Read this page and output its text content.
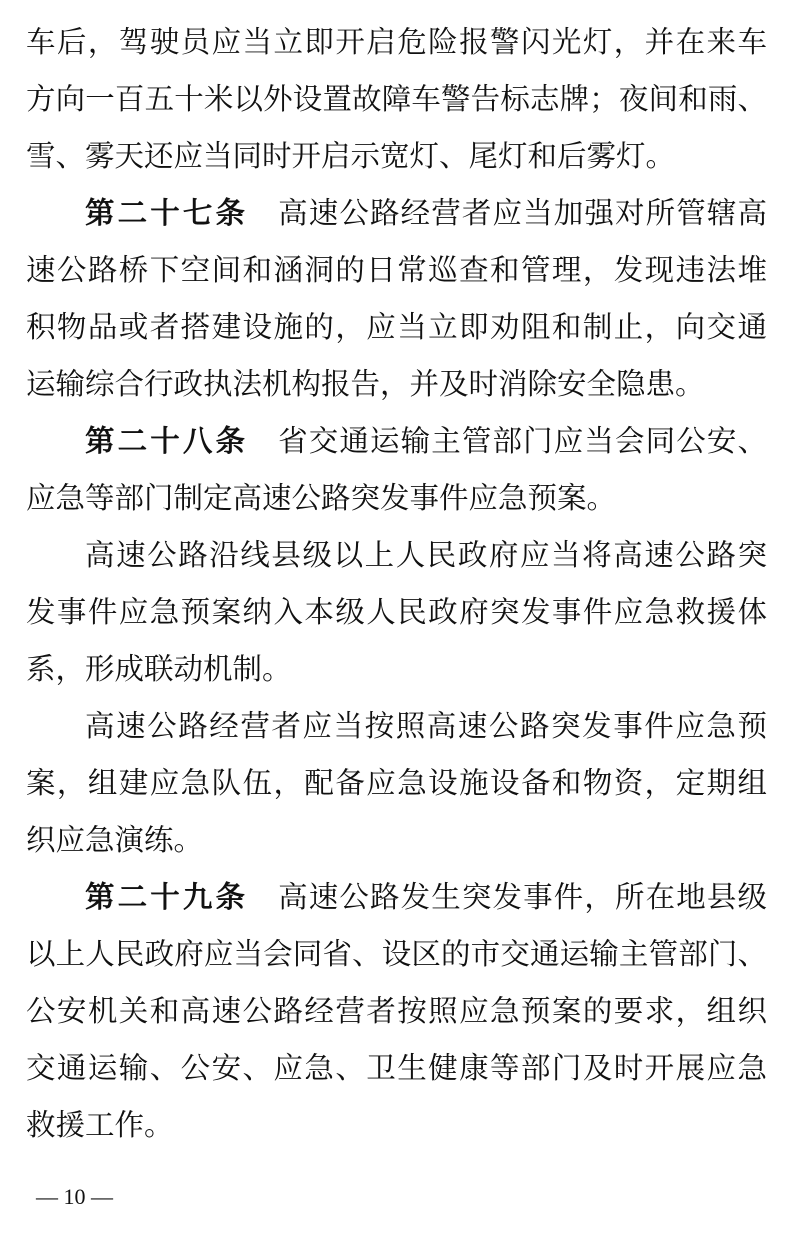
车后，驾驶员应当立即开启危险报警闪光灯，并在来车
方向一百五十米以外设置故障车警告标志牌；夜间和雨、
雪、雾天还应当同时开启示宽灯、尾灯和后雾灯。
第二十七条 高速公路经营者应当加强对所管辖高
速公路桥下空间和涵洞的日常巡查和管理，发现违法堆
积物品或者搭建设施的，应当立即劝阻和制止，向交通
运输综合行政执法机构报告，并及时消除安全隐患。
第二十八条 省交通运输主管部门应当会同公安、
应急等部门制定高速公路突发事件应急预案。
高速公路沿线县级以上人民政府应当将高速公路突
发事件应急预案纳入本级人民政府突发事件应急救援体
系，形成联动机制。
高速公路经营者应当按照高速公路突发事件应急预
案，组建应急队伍，配备应急设施设备和物资，定期组
织应急演练。
第二十九条 高速公路发生突发事件，所在地县级
以上人民政府应当会同省、设区的市交通运输主管部门、
公安机关和高速公路经营者按照应急预案的要求，组织
交通运输、公安、应急、卫生健康等部门及时开展应急
救援工作。
— 10 —
